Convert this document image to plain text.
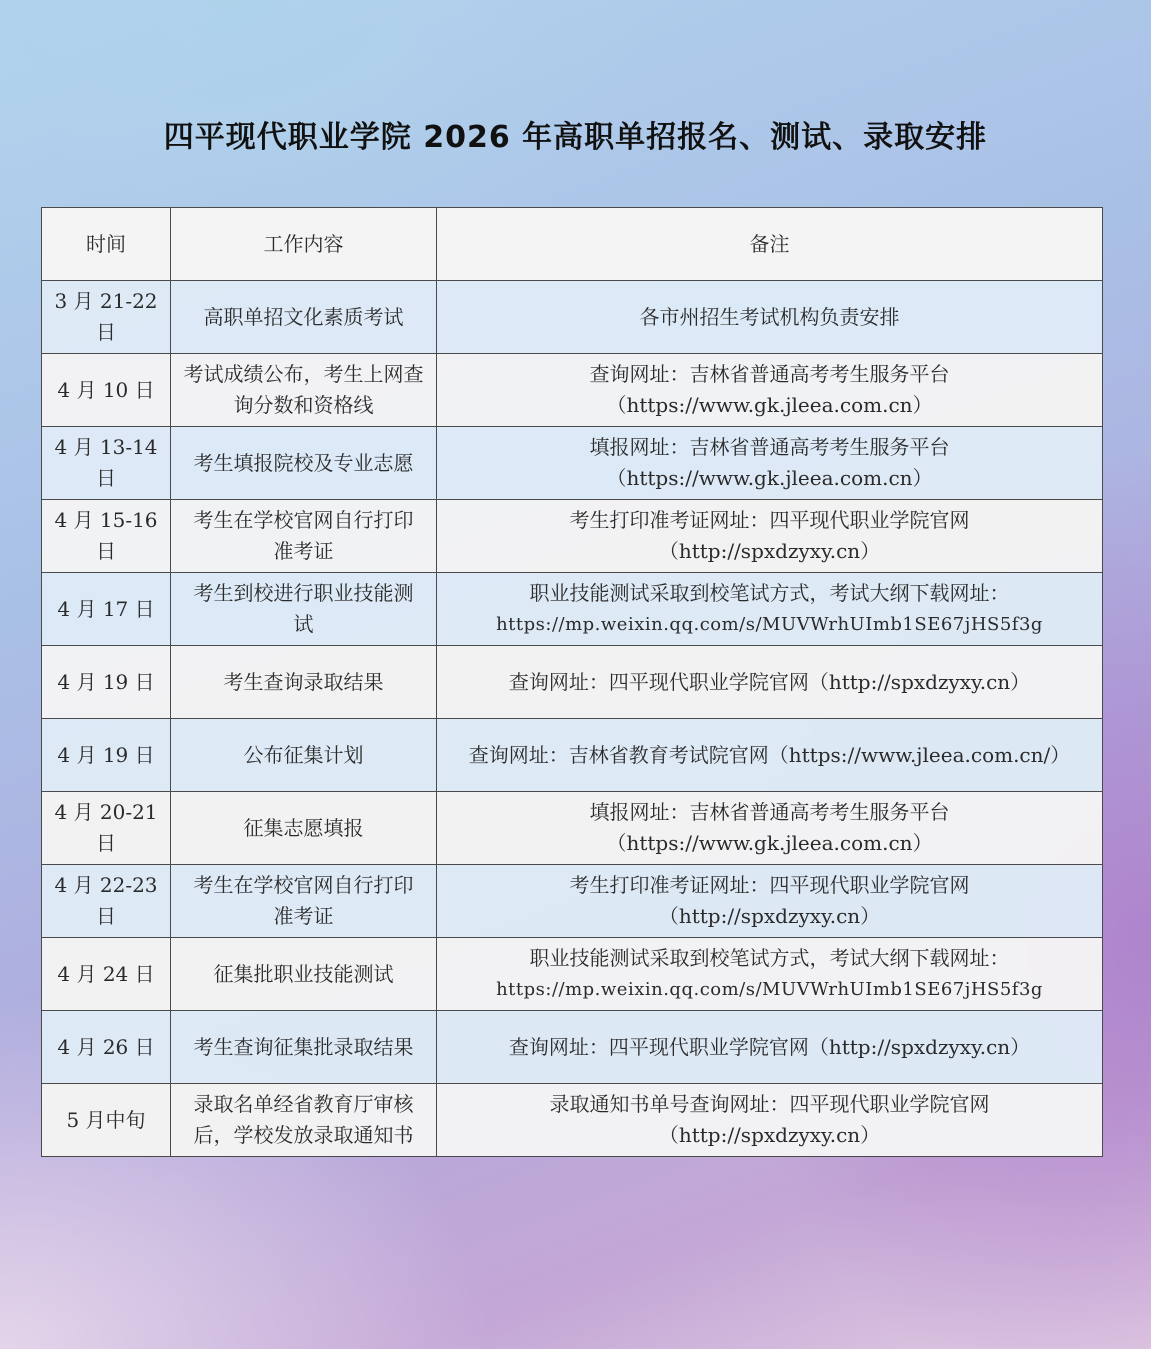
四平现代职业学院 2026 年高职单招报名、测试、录取安排
时间	工作内容	备注
3 月 21-22 日	高职单招文化素质考试	各市州招生考试机构负责安排

4 月 10 日	考试成绩公布，考生上网查
询分数和资格线	查询网址：吉林省普通高考考生服务平台
（https://www.gk.jleea.com.cn）

4 月 13-14 日	考生填报院校及专业志愿	填报网址：吉林省普通高考考生服务平台
（https://www.gk.jleea.com.cn）

4 月 15-16 日	考生在学校官网自行打印
准考证	考生打印准考证网址：四平现代职业学院官网
（http://spxdzyxy.cn）

4 月 17 日	考生到校进行职业技能测
试	职业技能测试采取到校笔试方式，考试大纲下载网址：
https://mp.weixin.qq.com/s/MUVWrhUImb1SE67jHS5f3g

4 月 19 日	考生查询录取结果	查询网址：四平现代职业学院官网（http://spxdzyxy.cn）

4 月 19 日	公布征集计划	查询网址：吉林省教育考试院官网（https://www.jleea.com.cn/）

4 月 20-21 日	征集志愿填报	填报网址：吉林省普通高考考生服务平台
（https://www.gk.jleea.com.cn）

4 月 22-23 日	考生在学校官网自行打印
准考证	考生打印准考证网址：四平现代职业学院官网
（http://spxdzyxy.cn）

4 月 24 日	征集批职业技能测试	职业技能测试采取到校笔试方式，考试大纲下载网址：
https://mp.weixin.qq.com/s/MUVWrhUImb1SE67jHS5f3g

4 月 26 日	考生查询征集批录取结果	查询网址：四平现代职业学院官网（http://spxdzyxy.cn）

5 月中旬	录取名单经省教育厅审核
后，学校发放录取通知书	录取通知书单号查询网址：四平现代职业学院官网
（http://spxdzyxy.cn）
